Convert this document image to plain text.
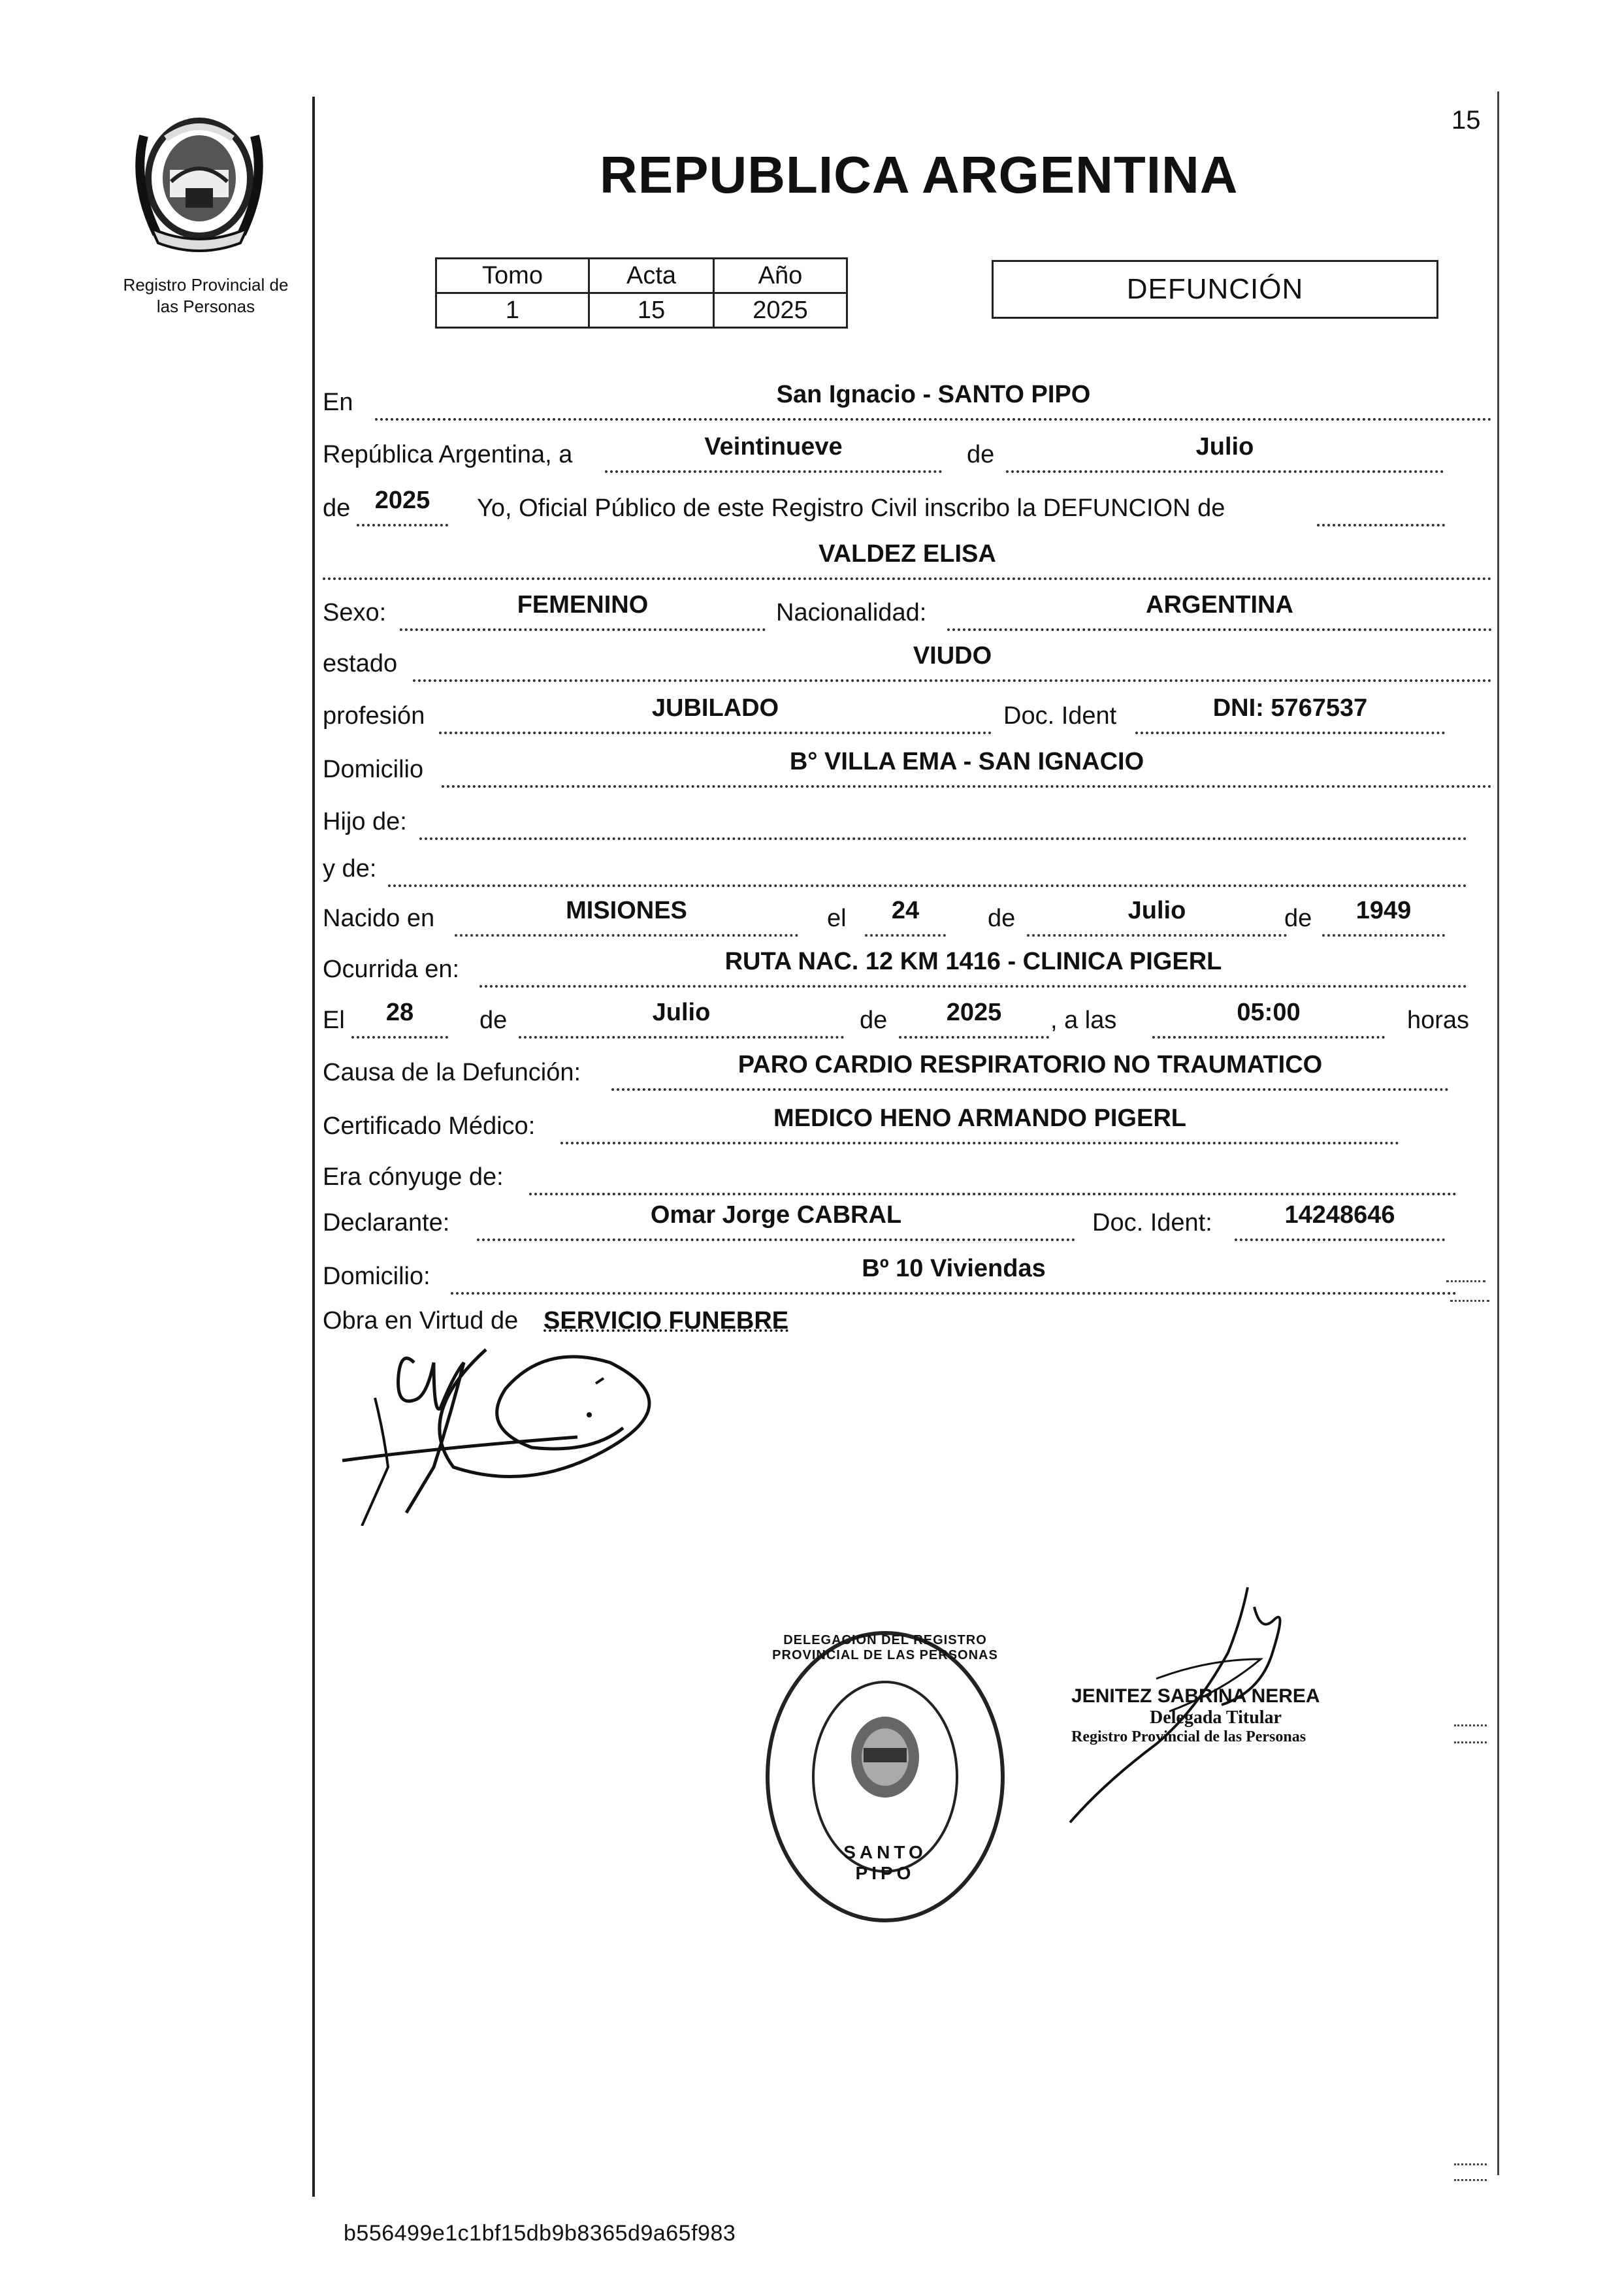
Registro Provincial de
las Personas
15
REPUBLICA ARGENTINA
Tomo	Acta	Año
1	15	2025
DEFUNCIÓN
En	San Ignacio - SANTO PIPO
República Argentina, a	Veintinueve	de	Julio
de 2025	Yo, Oficial Público de este Registro Civil inscribo la DEFUNCION de
VALDEZ ELISA
Sexo:	FEMENINO	Nacionalidad:	ARGENTINA
estado	VIUDO
profesión	JUBILADO	Doc. Ident	DNI: 5767537
Domicilio	B° VILLA EMA - SAN IGNACIO
Hijo de:
y de:
Nacido en	MISIONES	el	24	de	Julio	de	1949
Ocurrida en:	RUTA NAC. 12 KM 1416 - CLINICA PIGERL
El	28	de	Julio	de	2025	, a las	05:00	horas
Causa de la Defunción:	PARO CARDIO RESPIRATORIO NO TRAUMATICO
Certificado Médico:	MEDICO HENO ARMANDO PIGERL
Era cónyuge de:
Declarante:	Omar Jorge CABRAL	Doc. Ident:	14248646
Domicilio:	Bº 10 Viviendas
Obra en Virtud de SERVICIO FUNEBRE
DELEGACION DEL REGISTRO PROVINCIAL DE LAS PERSONAS
SANTO PIPO
JENITEZ SABRINA NEREA
Delegada Titular
Registro Provincial de las Personas
b556499e1c1bf15db9b8365d9a65f983
